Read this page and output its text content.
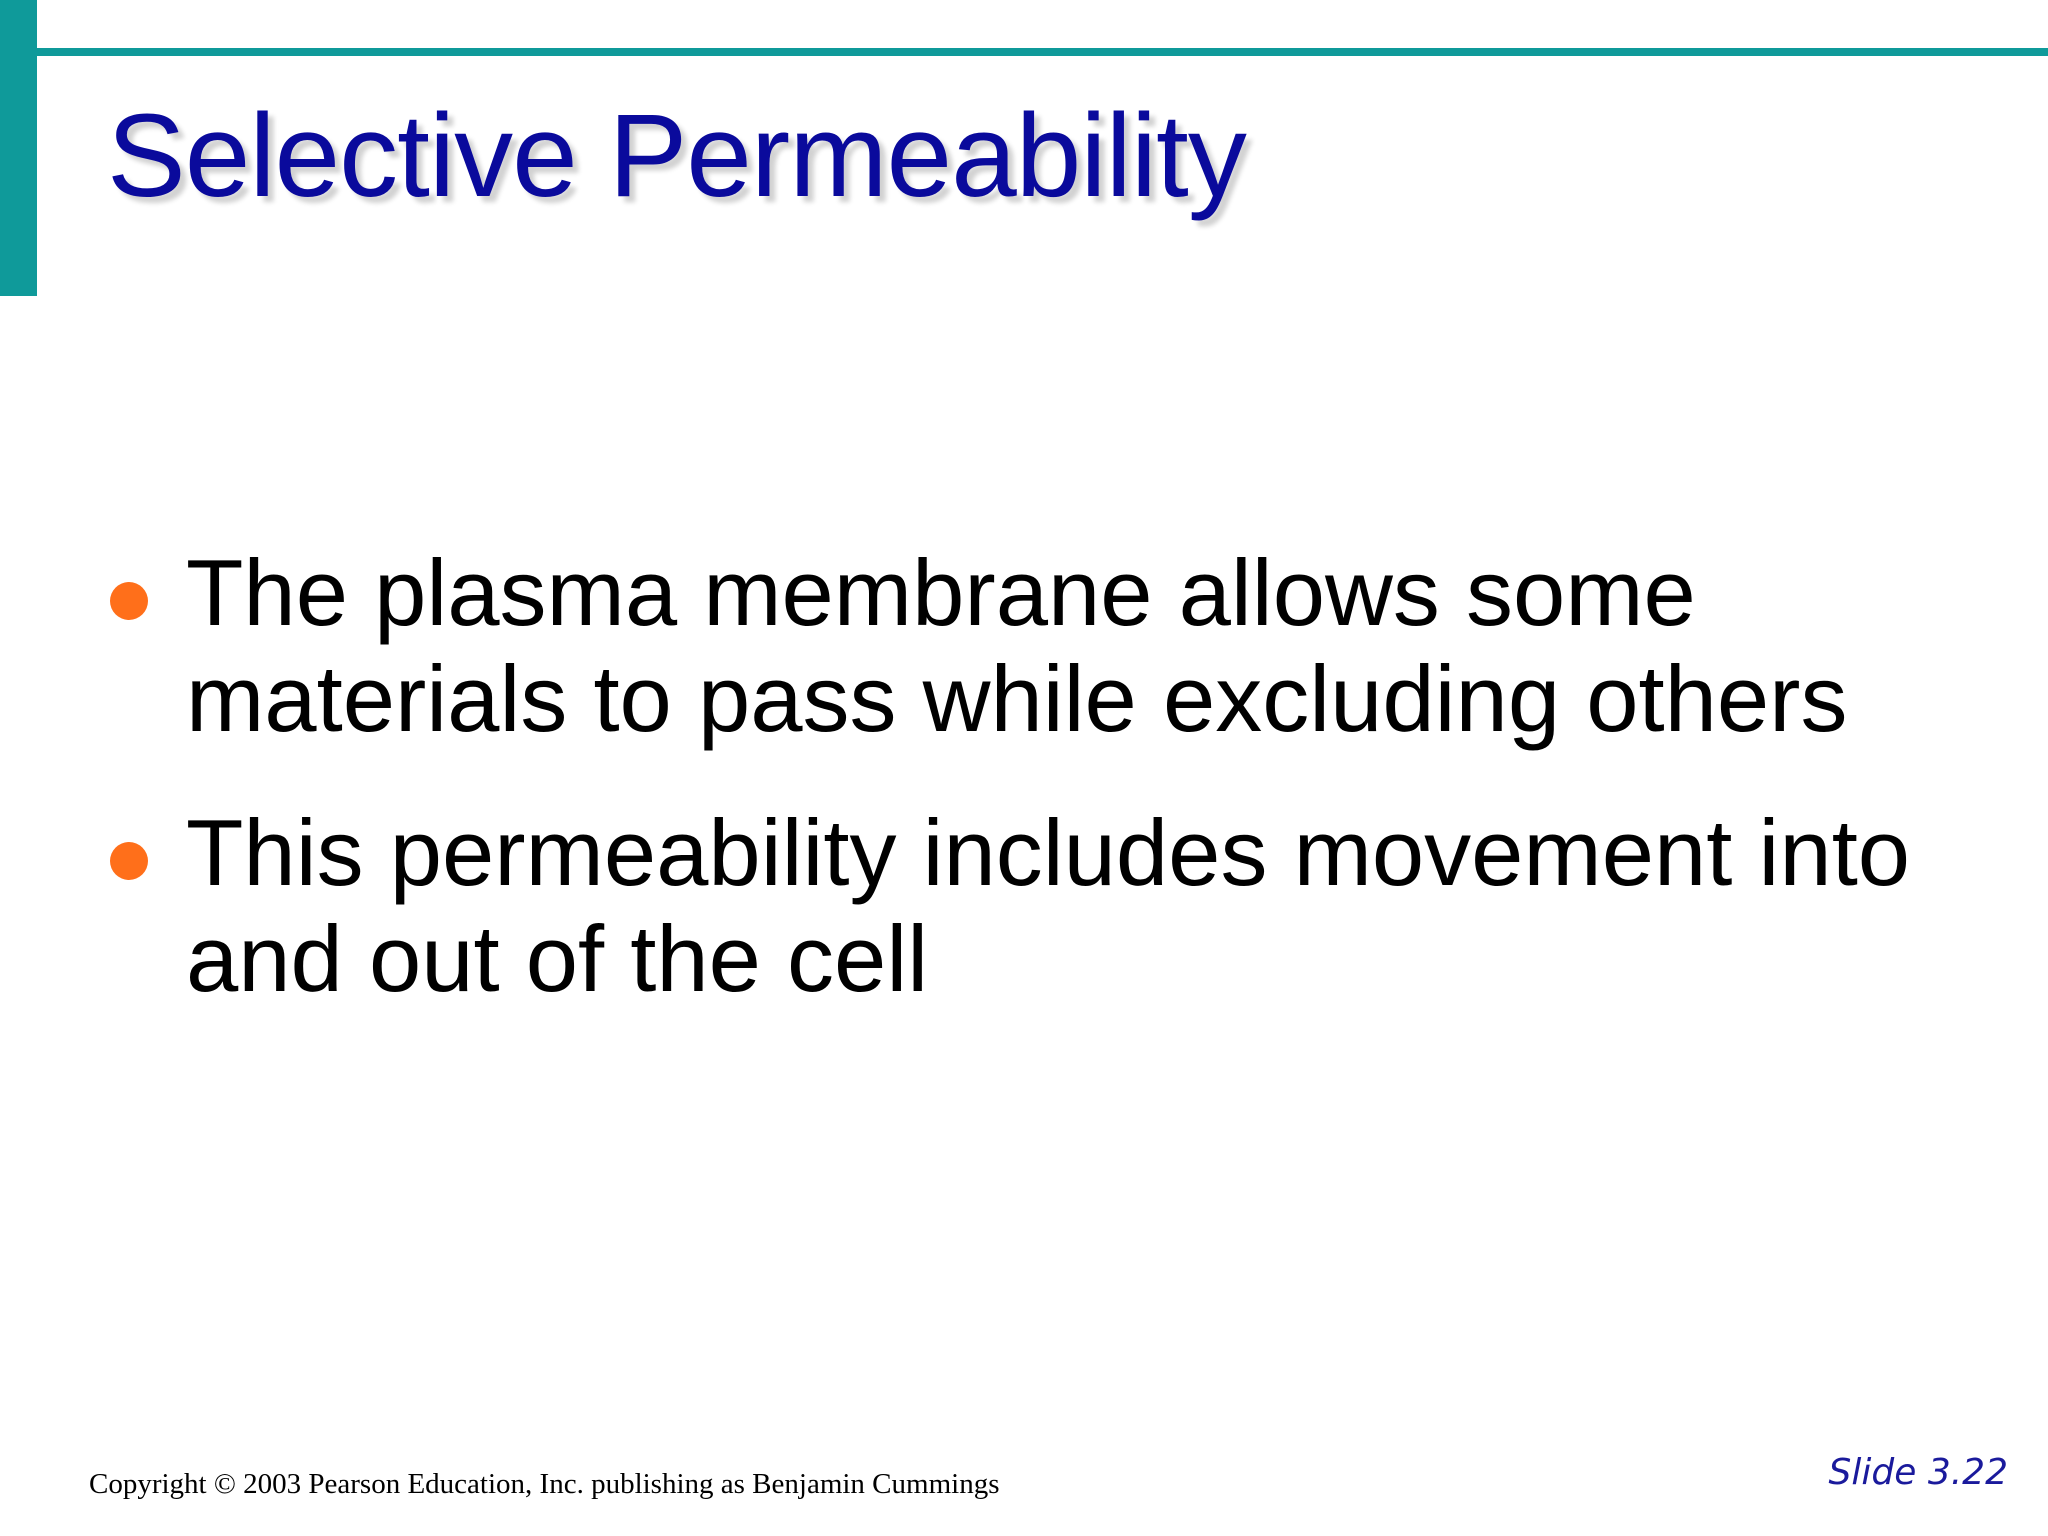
Selective Permeability
The plasma membrane allows some materials to pass while excluding others
This permeability includes movement into and out of the cell
Copyright © 2003 Pearson Education, Inc. publishing as Benjamin Cummings	Slide 3.22
